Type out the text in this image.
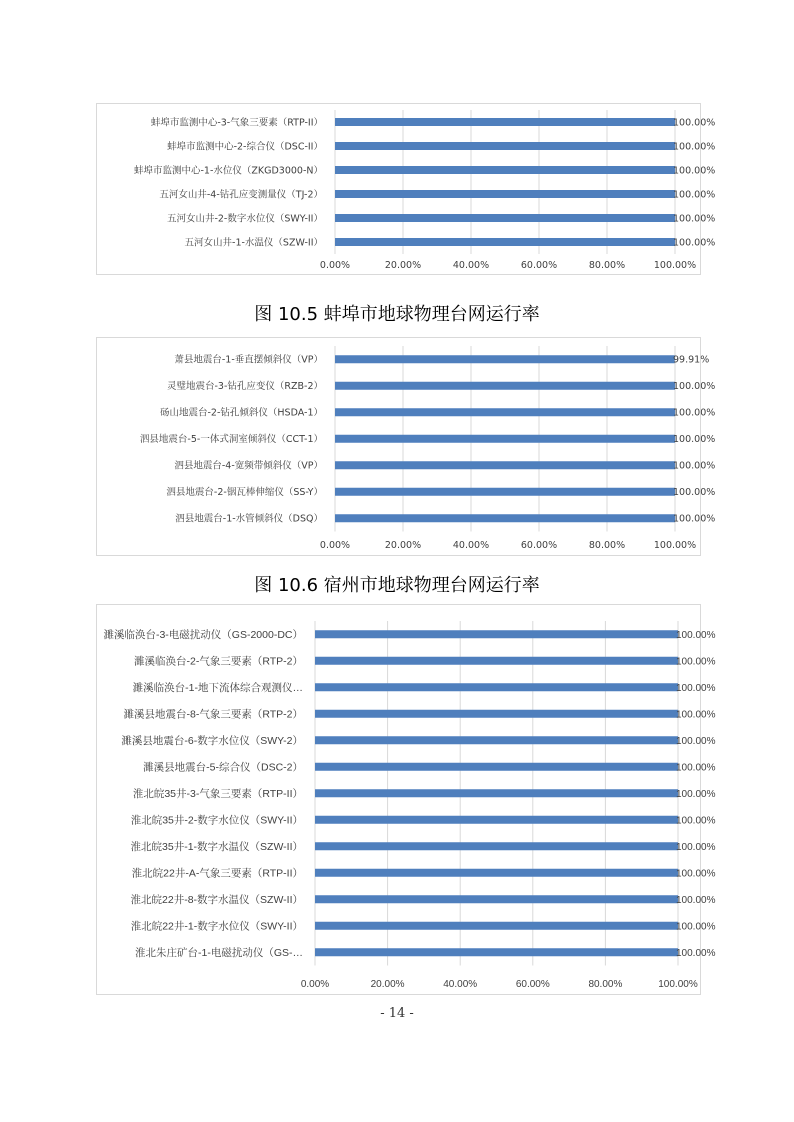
0.00%	20.00%	40.00%	60.00%	80.00%	100.00%
蚌埠市监测中心-3-气象三要素（RTP-II）	100.00%
蚌埠市监测中心-2-综合仪（DSC-II）	100.00%
蚌埠市监测中心-1-水位仪（ZKGD3000-N）	100.00%
五河女山井-4-钻孔应变测量仪（TJ-2）	100.00%
五河女山井-2-数字水位仪（SWY-II）	100.00%
五河女山井-1-水温仪（SZW-II）	100.00%
图 10.5 蚌埠市地球物理台网运行率
0.00%	20.00%	40.00%	60.00%	80.00%	100.00%
萧县地震台-1-垂直摆倾斜仪（VP）	99.91%
灵璧地震台-3-钻孔应变仪（RZB-2）	100.00%
砀山地震台-2-钻孔倾斜仪（HSDA-1）	100.00%
泗县地震台-5-一体式洞室倾斜仪（CCT-1）	100.00%
泗县地震台-4-宽频带倾斜仪（VP）	100.00%
泗县地震台-2-铟瓦棒伸缩仪（SS-Y）	100.00%
泗县地震台-1-水管倾斜仪（DSQ）	100.00%
图 10.6 宿州市地球物理台网运行率
0.00%	20.00%	40.00%	60.00%	80.00%	100.00%
濉溪临涣台-3-电磁扰动仪（GS-2000-DC）	100.00%
濉溪临涣台-2-气象三要素（RTP-2）	100.00%
濉溪临涣台-1-地下流体综合观测仪…	100.00%
濉溪县地震台-8-气象三要素（RTP-2）	100.00%
濉溪县地震台-6-数字水位仪（SWY-2）	100.00%
濉溪县地震台-5-综合仪（DSC-2）	100.00%
淮北皖35井-3-气象三要素（RTP-II）	100.00%
淮北皖35井-2-数字水位仪（SWY-II）	100.00%
淮北皖35井-1-数字水温仪（SZW-II）	100.00%
淮北皖22井-A-气象三要素（RTP-II）	100.00%
淮北皖22井-8-数字水温仪（SZW-II）	100.00%
淮北皖22井-1-数字水位仪（SWY-II）	100.00%
淮北朱庄矿台-1-电磁扰动仪（GS-…	100.00%
- 14 -
